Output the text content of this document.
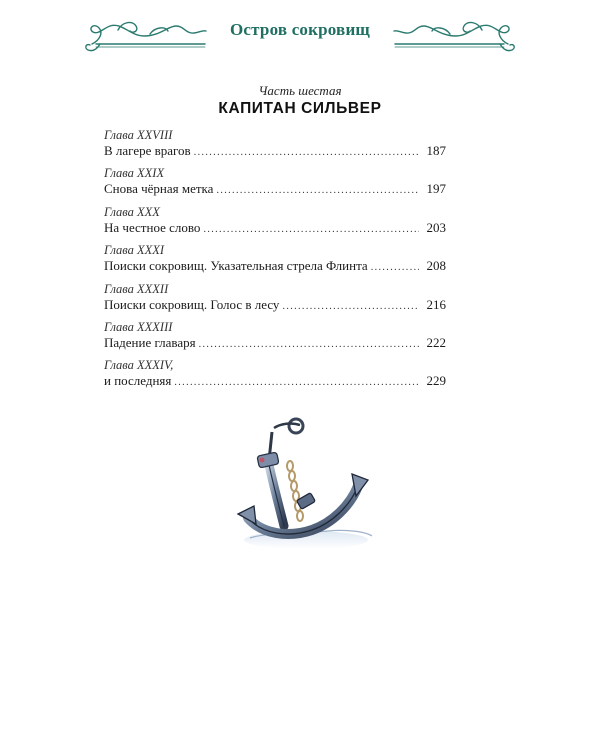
Остров сокровищ
Часть шестая
КАПИТАН СИЛЬВЕР
Глава XXVIII
В лагере врагов .....	187
Глава XXIX
Снова чёрная метка .....	197
Глава XXX
На честное слово .....	203
Глава XXXI
Поиски сокровищ. Указательная стрела Флинта .....	208
Глава XXXII
Поиски сокровищ. Голос в лесу .....	216
Глава XXXIII
Падение главаря .....	222
Глава XXXIV,
и последняя .....	229
